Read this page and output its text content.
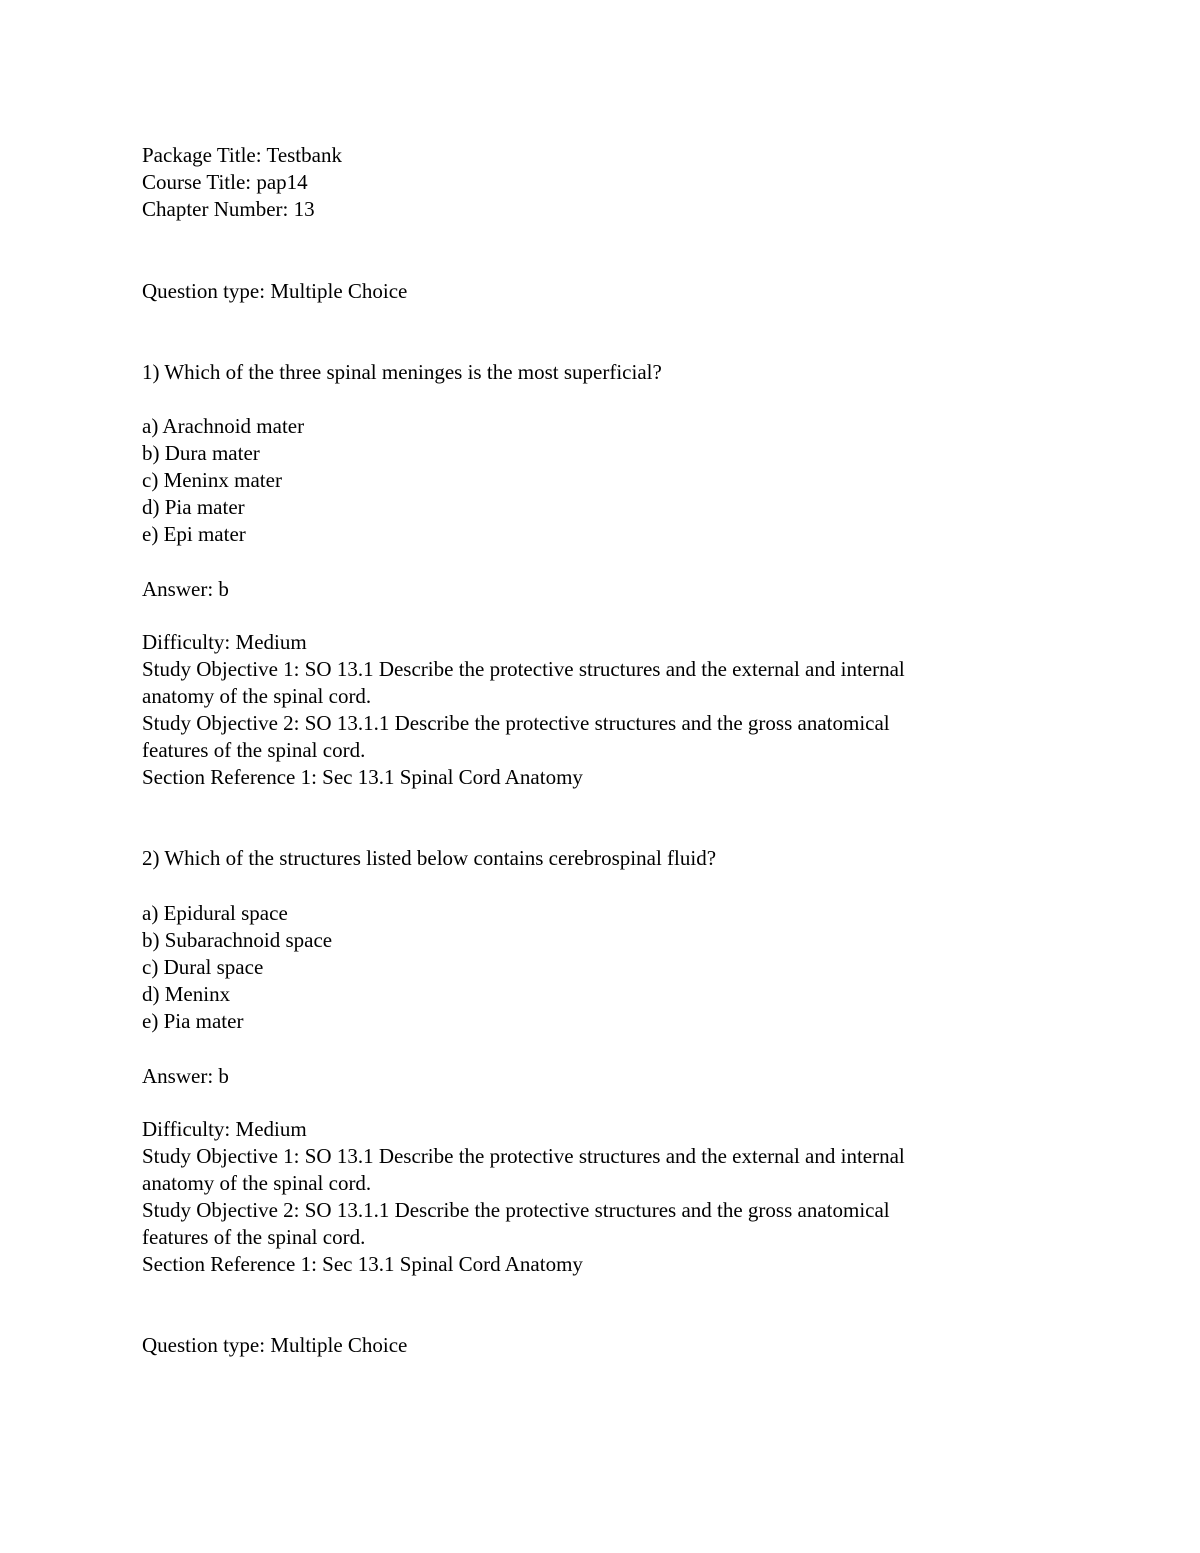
Package Title: Testbank

Course Title: pap14

Chapter Number: 13

Question type: Multiple Choice

1) Which of the three spinal meninges is the most superficial?

a) Arachnoid mater

b) Dura mater

c) Meninx mater

d) Pia mater

e) Epi mater

Answer: b

Difficulty: Medium

Study Objective 1: SO 13.1 Describe the protective structures and the external and internal

anatomy of the spinal cord.

Study Objective 2: SO 13.1.1 Describe the protective structures and the gross anatomical

features of the spinal cord.

Section Reference 1: Sec 13.1 Spinal Cord Anatomy

2) Which of the structures listed below contains cerebrospinal fluid?

a) Epidural space

b) Subarachnoid space

c) Dural space

d) Meninx

e) Pia mater

Answer: b

Difficulty: Medium

Study Objective 1: SO 13.1 Describe the protective structures and the external and internal

anatomy of the spinal cord.

Study Objective 2: SO 13.1.1 Describe the protective structures and the gross anatomical

features of the spinal cord.

Section Reference 1: Sec 13.1 Spinal Cord Anatomy

Question type: Multiple Choice
